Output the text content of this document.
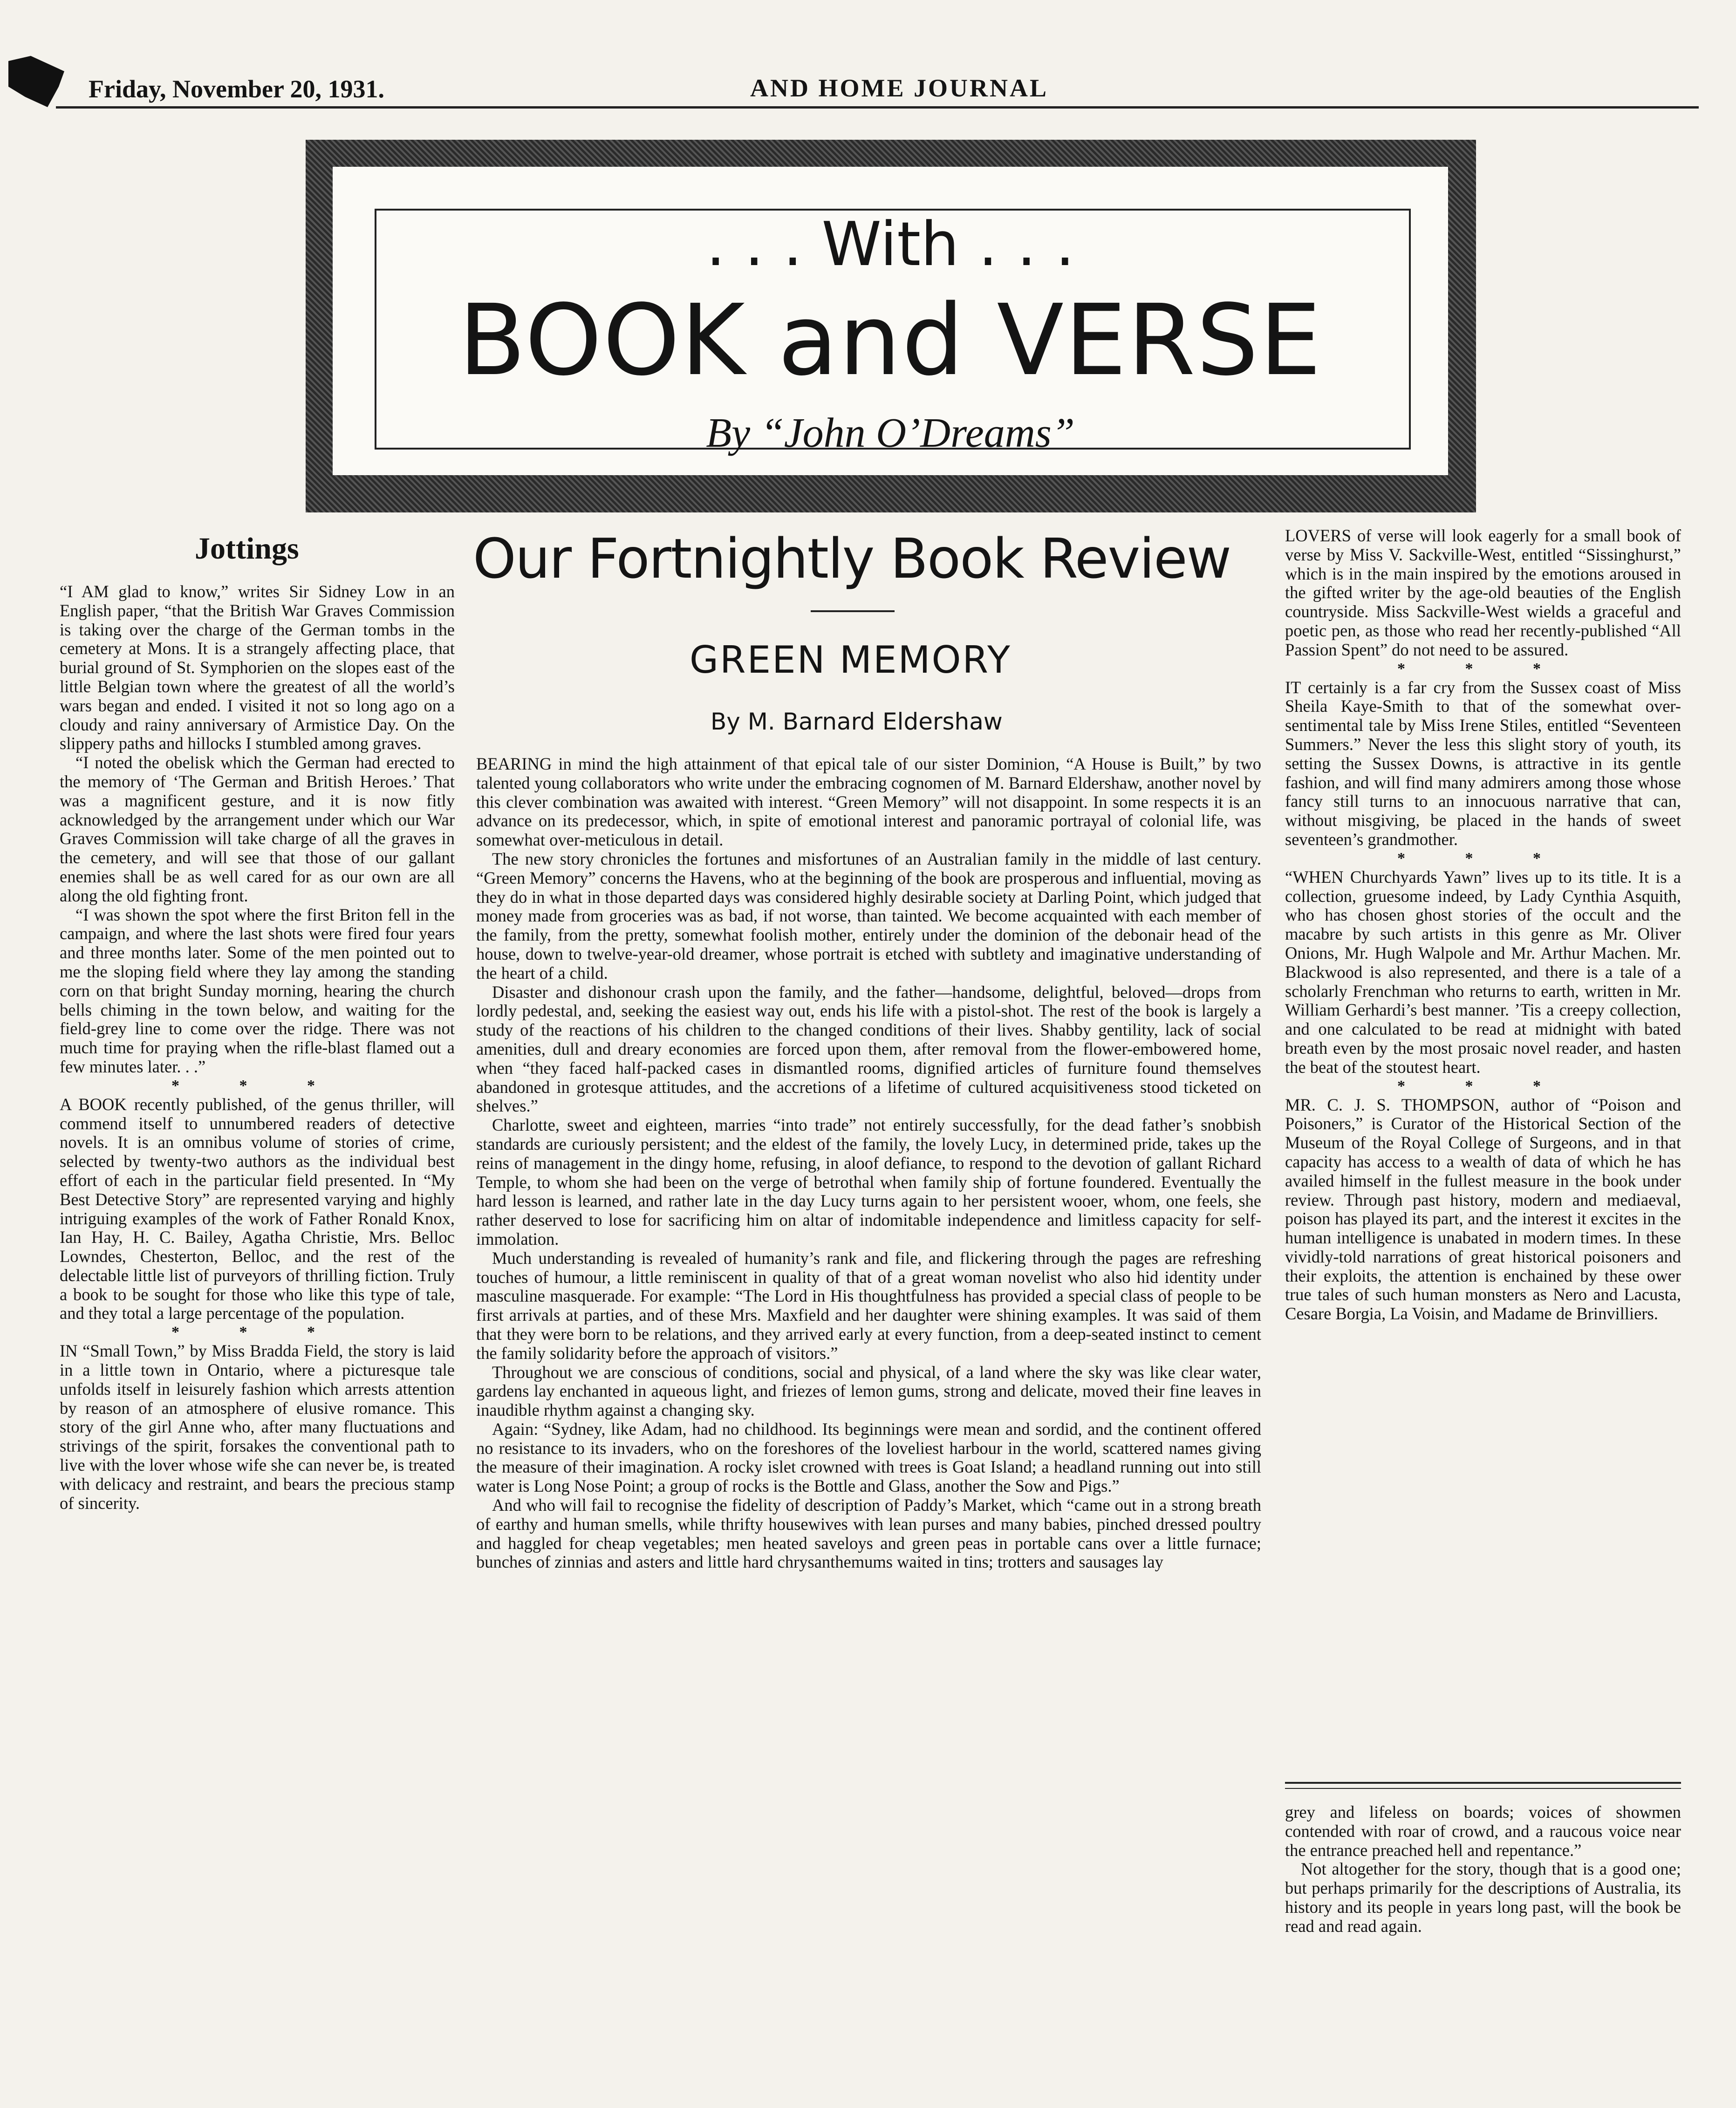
Friday, November 20, 1931.	AND HOME JOURNAL
. . . With . . .
BOOK and VERSE
By “John O’Dreams”
Jottings

“I AM glad to know,” writes Sir Sidney Low in an English paper, “that the British War Graves Commission is taking over the charge of the German tombs in the cemetery at Mons. It is a strangely affecting place, that burial ground of St. Symphorien on the slopes east of the little Belgian town where the greatest of all the world’s wars began and ended. I visited it not so long ago on a cloudy and rainy anniversary of Armistice Day. On the slippery paths and hillocks I stumbled among graves.

“I noted the obelisk which the German had erected to the memory of ‘The German and British Heroes.’ That was a magnificent gesture, and it is now fitly acknowledged by the arrangement under which our War Graves Commission will take charge of all the graves in the cemetery, and will see that those of our gallant enemies shall be as well cared for as our own are all along the old fighting front.

“I was shown the spot where the first Briton fell in the campaign, and where the last shots were fired four years and three months later. Some of the men pointed out to me the sloping field where they lay among the standing corn on that bright Sunday morning, hearing the church bells chiming in the town below, and waiting for the field-grey line to come over the ridge. There was not much time for praying when the rifle-blast flamed out a few minutes later. . .”

* * *

A BOOK recently published, of the genus thriller, will commend itself to unnumbered readers of detective novels. It is an omnibus volume of stories of crime, selected by twenty-two authors as the individual best effort of each in the particular field presented. In “My Best Detective Story” are represented varying and highly intriguing examples of the work of Father Ronald Knox, Ian Hay, H. C. Bailey, Agatha Christie, Mrs. Belloc Lowndes, Chesterton, Belloc, and the rest of the delectable little list of purveyors of thrilling fiction. Truly a book to be sought for those who like this type of tale, and they total a large percentage of the population.

* * *

IN “Small Town,” by Miss Bradda Field, the story is laid in a little town in Ontario, where a picturesque tale unfolds itself in leisurely fashion which arrests attention by reason of an atmosphere of elusive romance. This story of the girl Anne who, after many fluctuations and strivings of the spirit, forsakes the conventional path to live with the lover whose wife she can never be, is treated with delicacy and restraint, and bears the precious stamp of sincerity.

Our Fortnightly Book Review
GREEN MEMORY
By M. Barnard Eldershaw

BEARING in mind the high attainment of that epical tale of our sister Dominion, “A House is Built,” by two talented young collaborators who write under the embracing cognomen of M. Barnard Eldershaw, another novel by this clever combination was awaited with interest. “Green Memory” will not disappoint. In some respects it is an advance on its predecessor, which, in spite of emotional interest and panoramic portrayal of colonial life, was somewhat over-meticulous in detail.

The new story chronicles the fortunes and misfortunes of an Australian family in the middle of last century. “Green Memory” concerns the Havens, who at the beginning of the book are prosperous and influential, moving as they do in what in those departed days was considered highly desirable society at Darling Point, which judged that money made from groceries was as bad, if not worse, than tainted. We become acquainted with each member of the family, from the pretty, somewhat foolish mother, entirely under the dominion of the debonair head of the house, down to twelve-year-old dreamer, whose portrait is etched with subtlety and imaginative understanding of the heart of a child.

Disaster and dishonour crash upon the family, and the father—handsome, delightful, beloved—drops from lordly pedestal, and, seeking the easiest way out, ends his life with a pistol-shot. The rest of the book is largely a study of the reactions of his children to the changed conditions of their lives. Shabby gentility, lack of social amenities, dull and dreary economies are forced upon them, after removal from the flower-embowered home, when “they faced half-packed cases in dismantled rooms, dignified articles of furniture found themselves abandoned in grotesque attitudes, and the accretions of a lifetime of cultured acquisitiveness stood ticketed on shelves.”

Charlotte, sweet and eighteen, marries “into trade” not entirely successfully, for the dead father’s snobbish standards are curiously persistent; and the eldest of the family, the lovely Lucy, in determined pride, takes up the reins of management in the dingy home, refusing, in aloof defiance, to respond to the devotion of gallant Richard Temple, to whom she had been on the verge of betrothal when family ship of fortune foundered. Eventually the hard lesson is learned, and rather late in the day Lucy turns again to her persistent wooer, whom, one feels, she rather deserved to lose for sacrificing him on altar of indomitable independence and limitless capacity for self-immolation.

Much understanding is revealed of humanity’s rank and file, and flickering through the pages are refreshing touches of humour, a little reminiscent in quality of that of a great woman novelist who also hid identity under masculine masquerade. For example: “The Lord in His thoughtfulness has provided a special class of people to be first arrivals at parties, and of these Mrs. Maxfield and her daughter were shining examples. It was said of them that they were born to be relations, and they arrived early at every function, from a deep-seated instinct to cement the family solidarity before the approach of visitors.”

Throughout we are conscious of conditions, social and physical, of a land where the sky was like clear water, gardens lay enchanted in aqueous light, and friezes of lemon gums, strong and delicate, moved their fine leaves in inaudible rhythm against a changing sky.

Again: “Sydney, like Adam, had no childhood. Its beginnings were mean and sordid, and the continent offered no resistance to its invaders, who on the foreshores of the loveliest harbour in the world, scattered names giving the measure of their imagination. A rocky islet crowned with trees is Goat Island; a headland running out into still water is Long Nose Point; a group of rocks is the Bottle and Glass, another the Sow and Pigs.”

And who will fail to recognise the fidelity of description of Paddy’s Market, which “came out in a strong breath of earthy and human smells, while thrifty housewives with lean purses and many babies, pinched dressed poultry and haggled for cheap vegetables; men heated saveloys and green peas in portable cans over a little furnace; bunches of zinnias and asters and little hard chrysanthemums waited in tins; trotters and sausages lay

LOVERS of verse will look eagerly for a small book of verse by Miss V. Sackville-West, entitled “Sissinghurst,” which is in the main inspired by the emotions aroused in the gifted writer by the age-old beauties of the English countryside. Miss Sackville-West wields a graceful and poetic pen, as those who read her recently-published “All Passion Spent” do not need to be assured.

* * *

IT certainly is a far cry from the Sussex coast of Miss Sheila Kaye-Smith to that of the somewhat over-sentimental tale by Miss Irene Stiles, entitled “Seventeen Summers.” Never the less this slight story of youth, its setting the Sussex Downs, is attractive in its gentle fashion, and will find many admirers among those whose fancy still turns to an innocuous narrative that can, without misgiving, be placed in the hands of sweet seventeen’s grandmother.

* * *

“WHEN Churchyards Yawn” lives up to its title. It is a collection, gruesome indeed, by Lady Cynthia Asquith, who has chosen ghost stories of the occult and the macabre by such artists in this genre as Mr. Oliver Onions, Mr. Hugh Walpole and Mr. Arthur Machen. Mr. Blackwood is also represented, and there is a tale of a scholarly Frenchman who returns to earth, written in Mr. William Gerhardi’s best manner. ’Tis a creepy collection, and one calculated to be read at midnight with bated breath even by the most prosaic novel reader, and hasten the beat of the stoutest heart.

* * *

MR. C. J. S. THOMPSON, author of “Poison and Poisoners,” is Curator of the Historical Section of the Museum of the Royal College of Surgeons, and in that capacity has access to a wealth of data of which he has availed himself in the fullest measure in the book under review. Through past history, modern and mediaeval, poison has played its part, and the interest it excites in the human intelligence is unabated in modern times. In these vividly-told narrations of great historical poisoners and their exploits, the attention is enchained by these ower true tales of such human monsters as Nero and Lacusta, Cesare Borgia, La Voisin, and Madame de Brinvilliers.

grey and lifeless on boards; voices of showmen contended with roar of crowd, and a raucous voice near the entrance preached hell and repentance.”

Not altogether for the story, though that is a good one; but perhaps primarily for the descriptions of Australia, its history and its people in years long past, will the book be read and read again.
